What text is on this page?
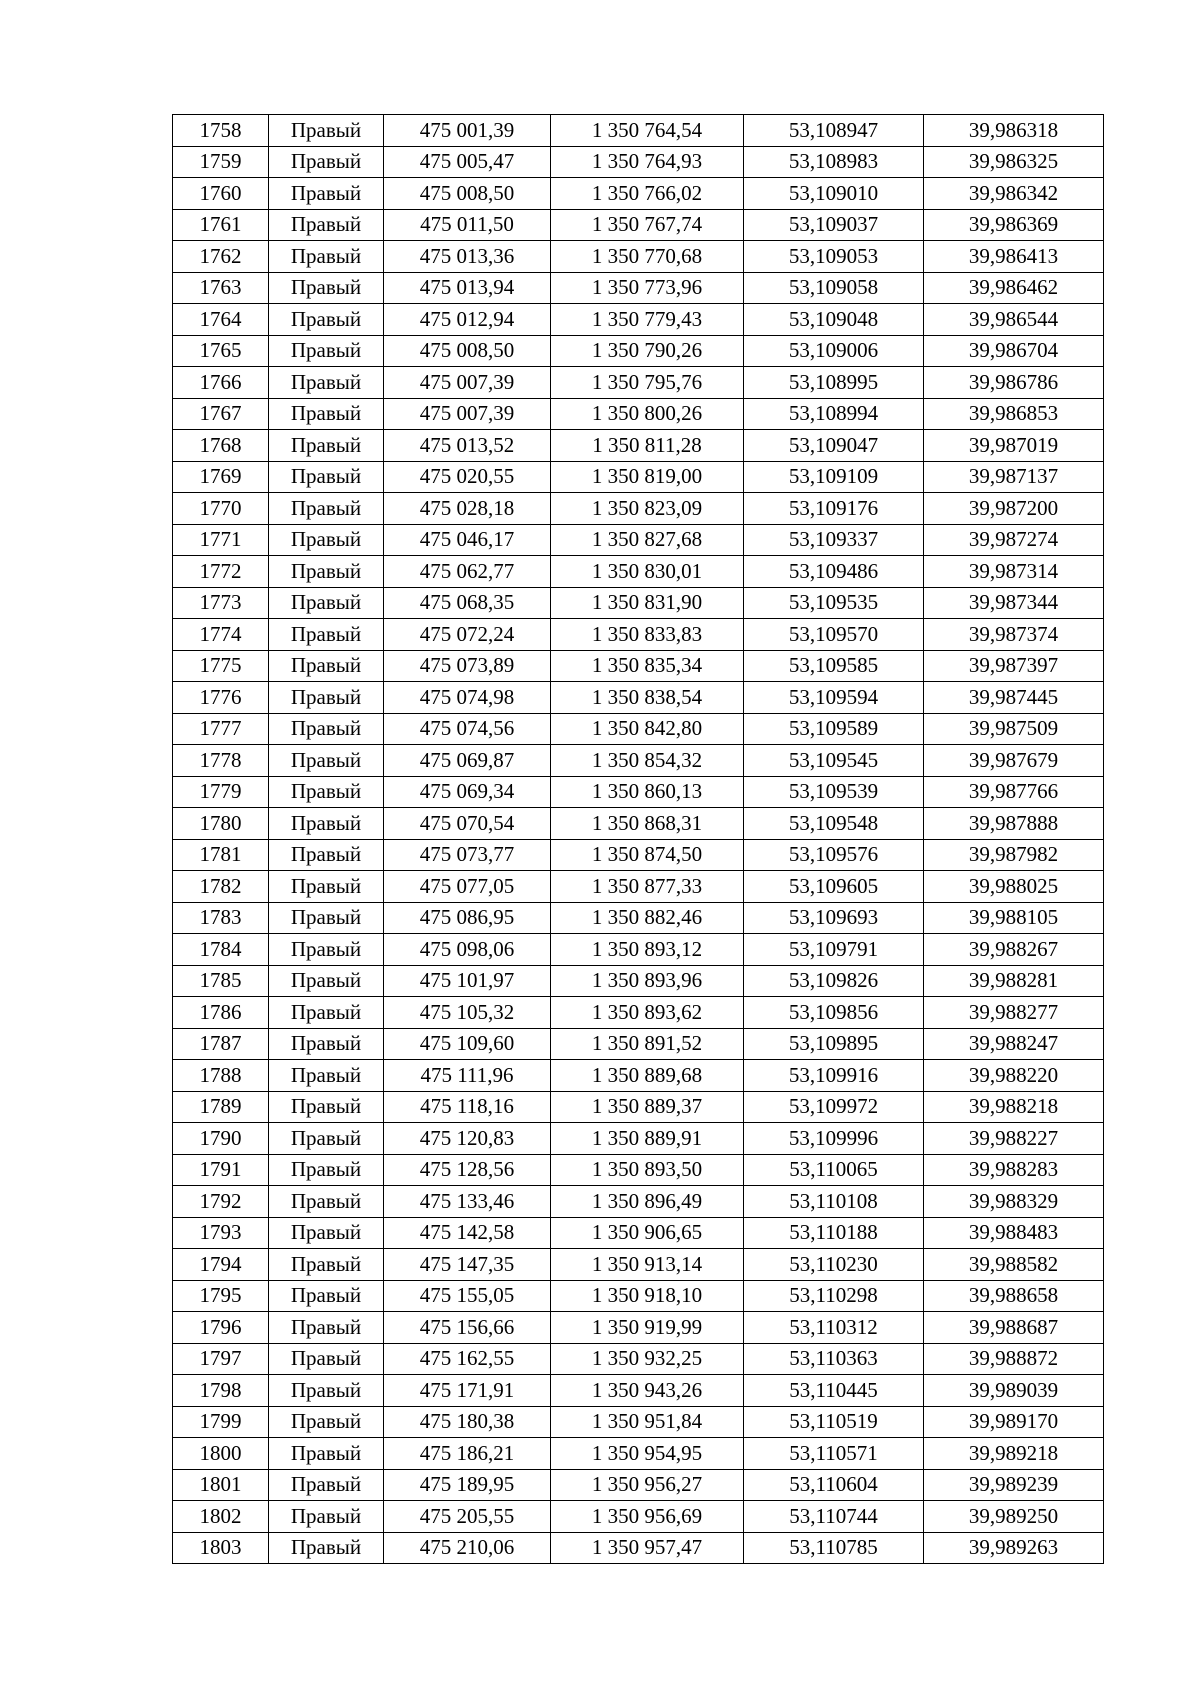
1758	Правый	475 001,39	1 350 764,54	53,108947	39,986318
1759	Правый	475 005,47	1 350 764,93	53,108983	39,986325
1760	Правый	475 008,50	1 350 766,02	53,109010	39,986342
1761	Правый	475 011,50	1 350 767,74	53,109037	39,986369
1762	Правый	475 013,36	1 350 770,68	53,109053	39,986413
1763	Правый	475 013,94	1 350 773,96	53,109058	39,986462
1764	Правый	475 012,94	1 350 779,43	53,109048	39,986544
1765	Правый	475 008,50	1 350 790,26	53,109006	39,986704
1766	Правый	475 007,39	1 350 795,76	53,108995	39,986786
1767	Правый	475 007,39	1 350 800,26	53,108994	39,986853
1768	Правый	475 013,52	1 350 811,28	53,109047	39,987019
1769	Правый	475 020,55	1 350 819,00	53,109109	39,987137
1770	Правый	475 028,18	1 350 823,09	53,109176	39,987200
1771	Правый	475 046,17	1 350 827,68	53,109337	39,987274
1772	Правый	475 062,77	1 350 830,01	53,109486	39,987314
1773	Правый	475 068,35	1 350 831,90	53,109535	39,987344
1774	Правый	475 072,24	1 350 833,83	53,109570	39,987374
1775	Правый	475 073,89	1 350 835,34	53,109585	39,987397
1776	Правый	475 074,98	1 350 838,54	53,109594	39,987445
1777	Правый	475 074,56	1 350 842,80	53,109589	39,987509
1778	Правый	475 069,87	1 350 854,32	53,109545	39,987679
1779	Правый	475 069,34	1 350 860,13	53,109539	39,987766
1780	Правый	475 070,54	1 350 868,31	53,109548	39,987888
1781	Правый	475 073,77	1 350 874,50	53,109576	39,987982
1782	Правый	475 077,05	1 350 877,33	53,109605	39,988025
1783	Правый	475 086,95	1 350 882,46	53,109693	39,988105
1784	Правый	475 098,06	1 350 893,12	53,109791	39,988267
1785	Правый	475 101,97	1 350 893,96	53,109826	39,988281
1786	Правый	475 105,32	1 350 893,62	53,109856	39,988277
1787	Правый	475 109,60	1 350 891,52	53,109895	39,988247
1788	Правый	475 111,96	1 350 889,68	53,109916	39,988220
1789	Правый	475 118,16	1 350 889,37	53,109972	39,988218
1790	Правый	475 120,83	1 350 889,91	53,109996	39,988227
1791	Правый	475 128,56	1 350 893,50	53,110065	39,988283
1792	Правый	475 133,46	1 350 896,49	53,110108	39,988329
1793	Правый	475 142,58	1 350 906,65	53,110188	39,988483
1794	Правый	475 147,35	1 350 913,14	53,110230	39,988582
1795	Правый	475 155,05	1 350 918,10	53,110298	39,988658
1796	Правый	475 156,66	1 350 919,99	53,110312	39,988687
1797	Правый	475 162,55	1 350 932,25	53,110363	39,988872
1798	Правый	475 171,91	1 350 943,26	53,110445	39,989039
1799	Правый	475 180,38	1 350 951,84	53,110519	39,989170
1800	Правый	475 186,21	1 350 954,95	53,110571	39,989218
1801	Правый	475 189,95	1 350 956,27	53,110604	39,989239
1802	Правый	475 205,55	1 350 956,69	53,110744	39,989250
1803	Правый	475 210,06	1 350 957,47	53,110785	39,989263
